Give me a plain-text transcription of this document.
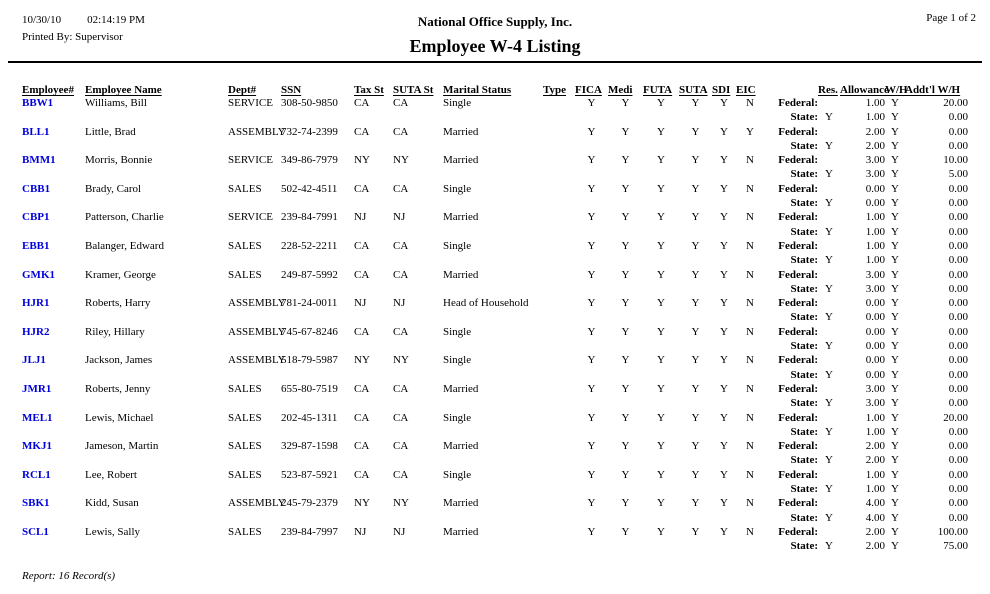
10/30/10 02:14:19 PM
Printed By: Supervisor
National Office Supply, Inc.
Employee W-4 Listing
Page 1 of 2
Employee#	Employee Name	Dept#	SSN	Tax St	SUTA St	Marital Status	Type	FICA	Medi	FUTA	SUTA	SDI	EIC		Res.	Allowance	W/H	Addt'l W/H
BBW1	Williams, Bill	SERVICE	308-50-9850	CA	CA	Single		Y	Y	Y	Y	Y	N	Federal:		1.00	Y	20.00
														State:	Y	1.00	Y	0.00
BLL1	Little, Brad	ASSEMBLY	732-74-2399	CA	CA	Married		Y	Y	Y	Y	Y	Y	Federal:		2.00	Y	0.00
														State:	Y	2.00	Y	0.00
BMM1	Morris, Bonnie	SERVICE	349-86-7979	NY	NY	Married		Y	Y	Y	Y	Y	N	Federal:		3.00	Y	10.00
														State:	Y	3.00	Y	5.00
CBB1	Brady, Carol	SALES	502-42-4511	CA	CA	Single		Y	Y	Y	Y	Y	N	Federal:		0.00	Y	0.00
														State:	Y	0.00	Y	0.00
CBP1	Patterson, Charlie	SERVICE	239-84-7991	NJ	NJ	Married		Y	Y	Y	Y	Y	N	Federal:		1.00	Y	0.00
														State:	Y	1.00	Y	0.00
EBB1	Balanger, Edward	SALES	228-52-2211	CA	CA	Single		Y	Y	Y	Y	Y	N	Federal:		1.00	Y	0.00
														State:	Y	1.00	Y	0.00
GMK1	Kramer, George	SALES	249-87-5992	CA	CA	Married		Y	Y	Y	Y	Y	N	Federal:		3.00	Y	0.00
														State:	Y	3.00	Y	0.00
HJR1	Roberts, Harry	ASSEMBLY	781-24-0011	NJ	NJ	Head of Household		Y	Y	Y	Y	Y	N	Federal:		0.00	Y	0.00
														State:	Y	0.00	Y	0.00
HJR2	Riley, Hillary	ASSEMBLY	745-67-8246	CA	CA	Single		Y	Y	Y	Y	Y	N	Federal:		0.00	Y	0.00
														State:	Y	0.00	Y	0.00
JLJ1	Jackson, James	ASSEMBLY	518-79-5987	NY	NY	Single		Y	Y	Y	Y	Y	N	Federal:		0.00	Y	0.00
														State:	Y	0.00	Y	0.00
JMR1	Roberts, Jenny	SALES	655-80-7519	CA	CA	Married		Y	Y	Y	Y	Y	N	Federal:		3.00	Y	0.00
														State:	Y	3.00	Y	0.00
MEL1	Lewis, Michael	SALES	202-45-1311	CA	CA	Single		Y	Y	Y	Y	Y	N	Federal:		1.00	Y	20.00
														State:	Y	1.00	Y	0.00
MKJ1	Jameson, Martin	SALES	329-87-1598	CA	CA	Married		Y	Y	Y	Y	Y	N	Federal:		2.00	Y	0.00
														State:	Y	2.00	Y	0.00
RCL1	Lee, Robert	SALES	523-87-5921	CA	CA	Single		Y	Y	Y	Y	Y	N	Federal:		1.00	Y	0.00
														State:	Y	1.00	Y	0.00
SBK1	Kidd, Susan	ASSEMBLY	245-79-2379	NY	NY	Married		Y	Y	Y	Y	Y	N	Federal:		4.00	Y	0.00
														State:	Y	4.00	Y	0.00
SCL1	Lewis, Sally	SALES	239-84-7997	NJ	NJ	Married		Y	Y	Y	Y	Y	N	Federal:		2.00	Y	100.00
														State:	Y	2.00	Y	75.00
Report: 16 Record(s)
